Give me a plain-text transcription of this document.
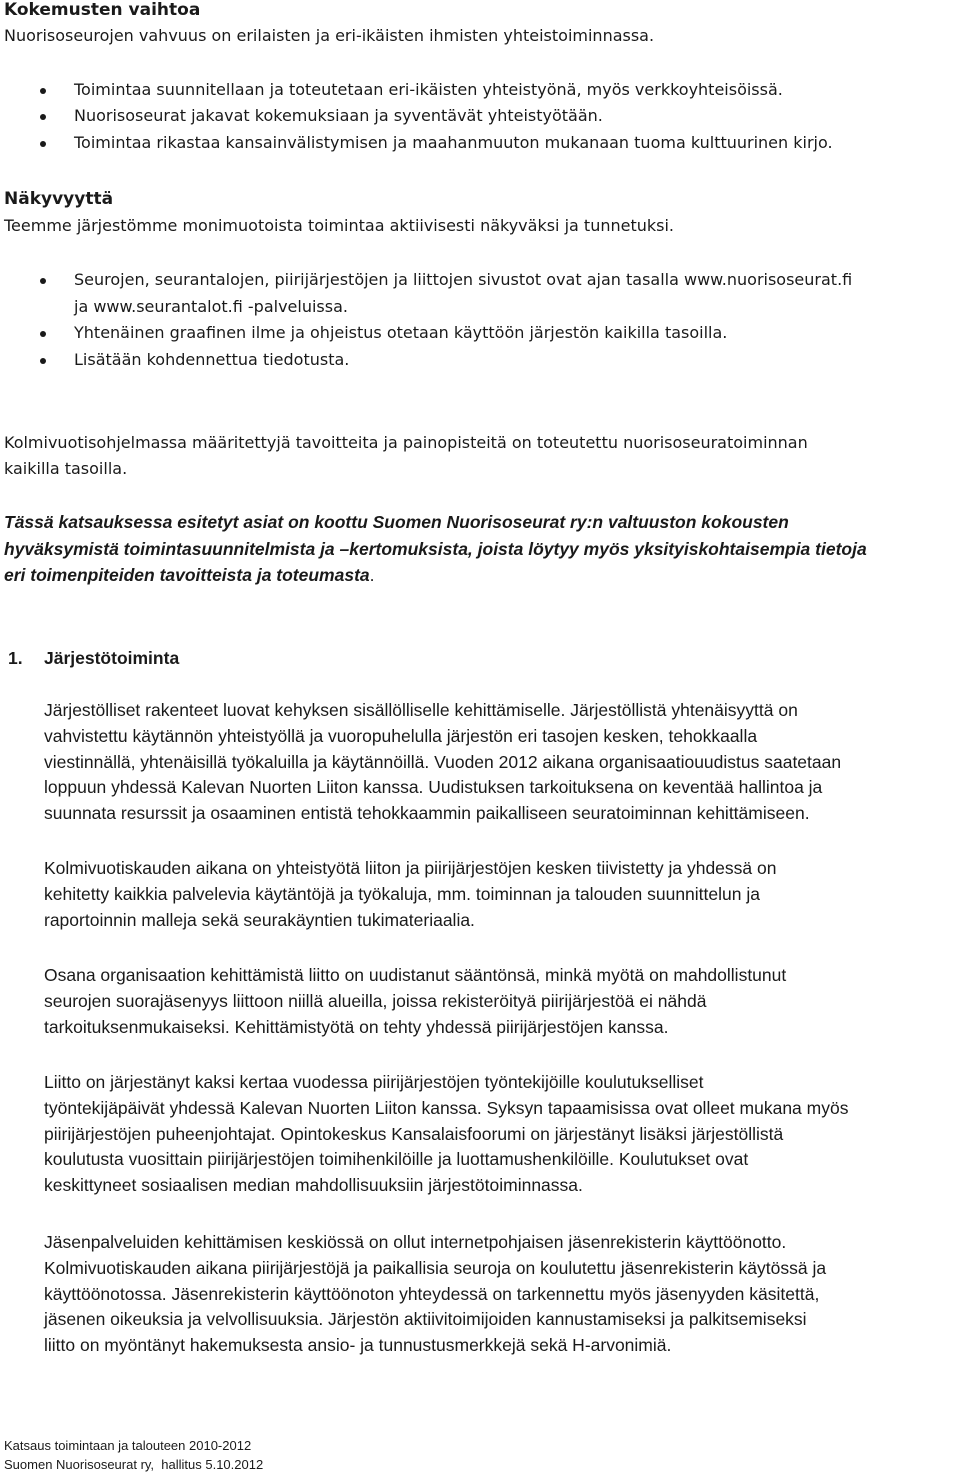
Kokemusten vaihtoa
Nuorisoseurojen vahvuus on erilaisten ja eri-ikäisten ihmisten yhteistoiminnassa.
Toimintaa suunnitellaan ja toteutetaan eri-ikäisten yhteistyönä, myös verkkoyhteisöissä.
Nuorisoseurat jakavat kokemuksiaan ja syventävät yhteistyötään.
Toimintaa rikastaa kansainvälistymisen ja maahanmuuton mukanaan tuoma kulttuurinen kirjo.
Näkyvyyttä
Teemme järjestömme monimuotoista toimintaa aktiivisesti näkyväksi ja tunnetuksi.
Seurojen, seurantalojen, piirijärjestöjen ja liittojen sivustot ovat ajan tasalla www.nuorisoseurat.fi
ja www.seurantalot.fi -palveluissa.
Yhtenäinen graafinen ilme ja ohjeistus otetaan käyttöön järjestön kaikilla tasoilla.
Lisätään kohdennettua tiedotusta.
Kolmivuotisohjelmassa määritettyjä tavoitteita ja painopisteitä on toteutettu nuorisoseuratoiminnan
kaikilla tasoilla.
Tässä katsauksessa esitetyt asiat on koottu Suomen Nuorisoseurat ry:n valtuuston kokousten
hyväksymistä toimintasuunnitelmista ja –kertomuksista, joista löytyy myös yksityiskohtaisempia tietoja
eri toimenpiteiden tavoitteista ja toteumasta.
1. Järjestötoiminta
Järjestölliset rakenteet luovat kehyksen sisällölliselle kehittämiselle. Järjestöllistä yhtenäisyyttä on
vahvistettu käytännön yhteistyöllä ja vuoropuhelulla järjestön eri tasojen kesken, tehokkaalla
viestinnällä, yhtenäisillä työkaluilla ja käytännöillä. Vuoden 2012 aikana organisaatiouudistus saatetaan
loppuun yhdessä Kalevan Nuorten Liiton kanssa. Uudistuksen tarkoituksena on keventää hallintoa ja
suunnata resurssit ja osaaminen entistä tehokkaammin paikalliseen seuratoiminnan kehittämiseen.
Kolmivuotiskauden aikana on yhteistyötä liiton ja piirijärjestöjen kesken tiivistetty ja yhdessä on
kehitetty kaikkia palvelevia käytäntöjä ja työkaluja, mm. toiminnan ja talouden suunnittelun ja
raportoinnin malleja sekä seurakäyntien tukimateriaalia.
Osana organisaation kehittämistä liitto on uudistanut sääntönsä, minkä myötä on mahdollistunut
seurojen suorajäsenyys liittoon niillä alueilla, joissa rekisteröityä piirijärjestöä ei nähdä
tarkoituksenmukaiseksi. Kehittämistyötä on tehty yhdessä piirijärjestöjen kanssa.
Liitto on järjestänyt kaksi kertaa vuodessa piirijärjestöjen työntekijöille koulutukselliset
työntekijäpäivät yhdessä Kalevan Nuorten Liiton kanssa. Syksyn tapaamisissa ovat olleet mukana myös
piirijärjestöjen puheenjohtajat. Opintokeskus Kansalaisfoorumi on järjestänyt lisäksi järjestöllistä
koulutusta vuosittain piirijärjestöjen toimihenkilöille ja luottamushenkilöille. Koulutukset ovat
keskittyneet sosiaalisen median mahdollisuuksiin järjestötoiminnassa.
Jäsenpalveluiden kehittämisen keskiössä on ollut internetpohjaisen jäsenrekisterin käyttöönotto.
Kolmivuotiskauden aikana piirijärjestöjä ja paikallisia seuroja on koulutettu jäsenrekisterin käytössä ja
käyttöönotossa. Jäsenrekisterin käyttöönoton yhteydessä on tarkennettu myös jäsenyyden käsitettä,
jäsenen oikeuksia ja velvollisuuksia. Järjestön aktiivitoimijoiden kannustamiseksi ja palkitsemiseksi
liitto on myöntänyt hakemuksesta ansio- ja tunnustusmerkkejä sekä H-arvonimiä.
Katsaus toimintaan ja talouteen 2010-2012
Suomen Nuorisoseurat ry,  hallitus 5.10.2012
